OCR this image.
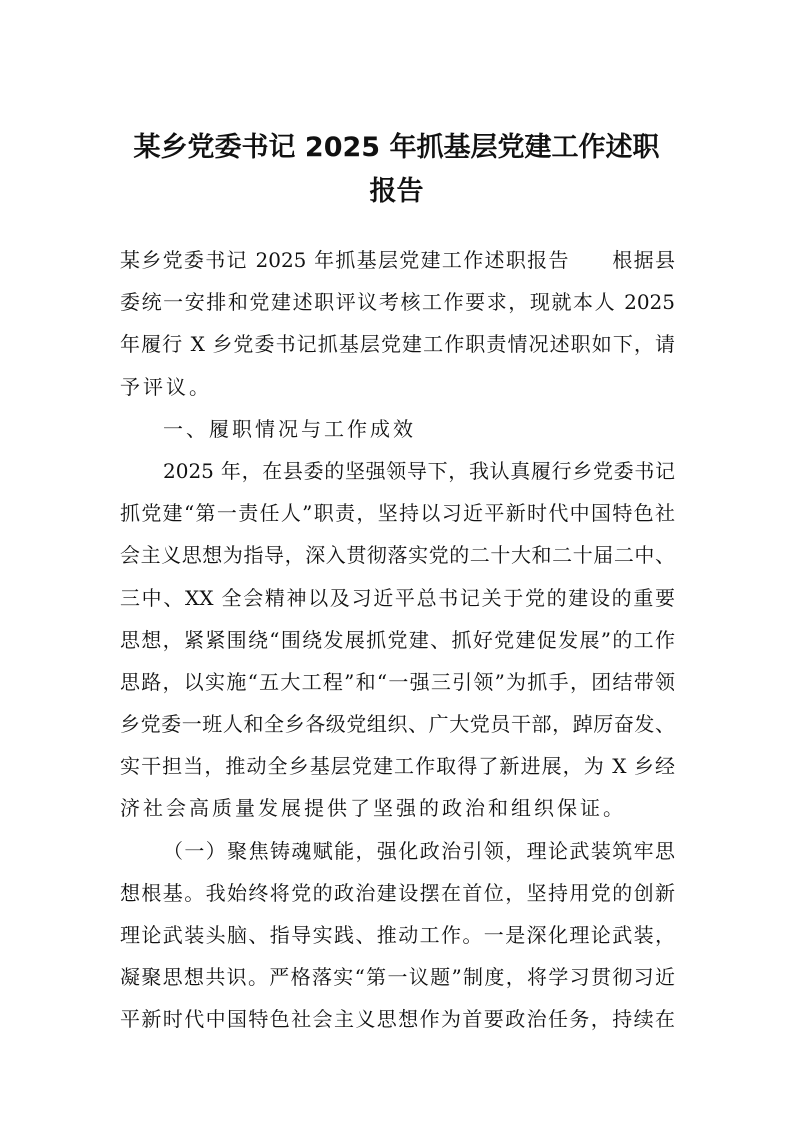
某乡党委书记 2025 年抓基层党建工作述职
报告
某乡党委书记 2025 年抓基层党建工作述职报告　　根据县
委统一安排和党建述职评议考核工作要求，现就本人 2025
年履行 X 乡党委书记抓基层党建工作职责情况述职如下，请
予评议。
一、履职情况与工作成效
2025 年，在县委的坚强领导下，我认真履行乡党委书记
抓党建“第一责任人”职责，坚持以习近平新时代中国特色社
会主义思想为指导，深入贯彻落实党的二十大和二十届二中、
三中、XX 全会精神以及习近平总书记关于党的建设的重要
思想，紧紧围绕“围绕发展抓党建、抓好党建促发展”的工作
思路，以实施“五大工程”和“一强三引领”为抓手，团结带领
乡党委一班人和全乡各级党组织、广大党员干部，踔厉奋发、
实干担当，推动全乡基层党建工作取得了新进展，为 X 乡经
济社会高质量发展提供了坚强的政治和组织保证。
（一）聚焦铸魂赋能，强化政治引领，理论武装筑牢思
想根基。我始终将党的政治建设摆在首位，坚持用党的创新
理论武装头脑、指导实践、推动工作。一是深化理论武装，
凝聚思想共识。严格落实“第一议题”制度，将学习贯彻习近
平新时代中国特色社会主义思想作为首要政治任务，持续在
